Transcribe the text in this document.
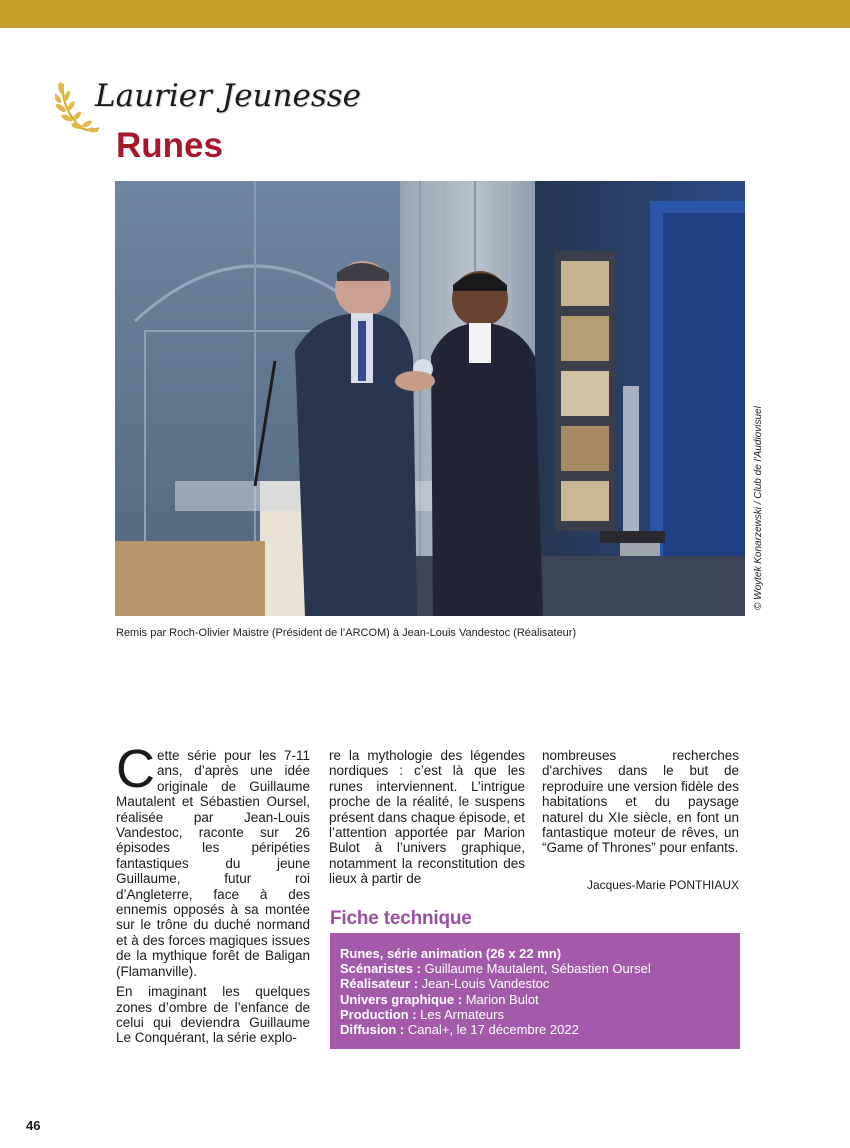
Laurier Jeunesse
Runes
© Woytek Konarzewski / Club de l'Audiovisuel
Remis par Roch-Olivier Maistre (Président de l’ARCOM) à Jean-Louis Vandestoc (Réalisateur)

Cette série pour les 7-11 ans, d’après une idée originale de Guillaume Mautalent et Sébastien Oursel, réalisée par Jean-Louis Vandestoc, raconte sur 26 épisodes les péripéties fantastiques du jeune Guillaume, futur roi d’Angleterre, face à des ennemis opposés à sa montée sur le trône du duché normand et à des forces magiques issues de la mythique forêt de Baligan (Flamanville).

En imaginant les quelques zones d’ombre de l’enfance de celui qui deviendra Guillaume Le Conquérant, la série explo-

re la mythologie des légendes nordiques : c’est là que les runes interviennent. L’intrigue proche de la réalité, le suspens présent dans chaque épisode, et l’attention apportée par Marion Bulot à l’univers graphique, notamment la reconstitution des lieux à partir de

nombreuses recherches d'archives dans le but de reproduire une version fidèle des habitations et du paysage naturel du XIe siècle, en font un fantastique moteur de rêves, un “Game of Thrones” pour enfants.

Jacques-Marie PONTHIAUX
Fiche technique
Runes, série animation (26 x 22 mn)
Scénaristes : Guillaume Mautalent, Sébastien Oursel
Réalisateur : Jean-Louis Vandestoc
Univers graphique : Marion Bulot
Production : Les Armateurs
Diffusion : Canal+, le 17 décembre 2022
46
